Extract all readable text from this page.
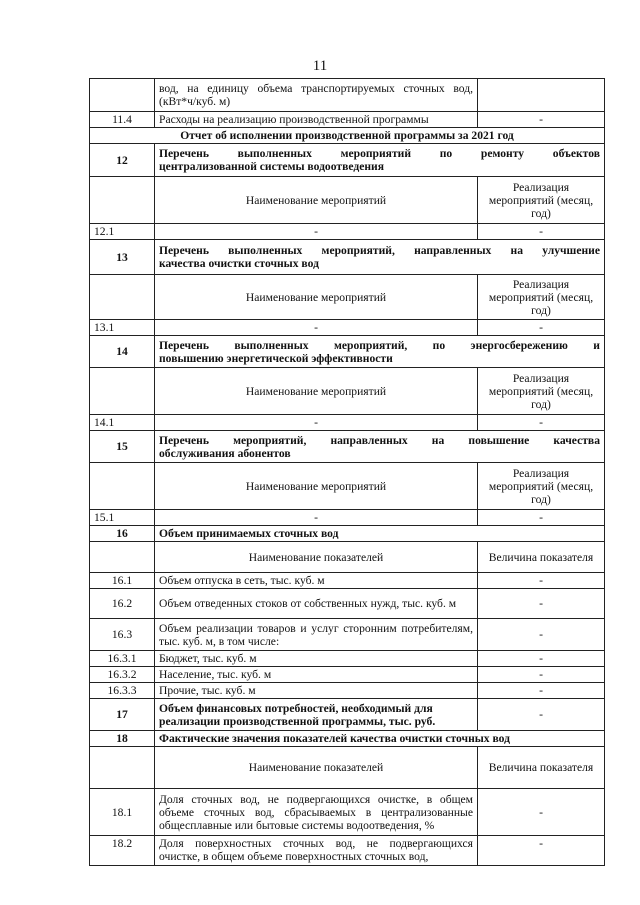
11
	вод, на единицу объема транспортируемых сточных вод, (кВт*ч/куб. м)	
11.4	Расходы на реализацию производственной программы	-
Отчет об исполнении производственной программы за 2021 год		
12	Перечень выполненных мероприятий по ремонту объектов
централизованной системы водоотведения	

	Наименование мероприятий	Реализация мероприятий (месяц, год)
12.1	-	-
13	Перечень выполненных мероприятий, направленных на улучшение
качества очистки сточных вод	

	Наименование мероприятий	Реализация мероприятий (месяц, год)
13.1	-	-
14	Перечень выполненных мероприятий, по энергосбережению и
повышению энергетической эффективности	

	Наименование мероприятий	Реализация мероприятий (месяц, год)
14.1	-	-
15	Перечень мероприятий, направленных на повышение качества
обслуживания абонентов	

	Наименование мероприятий	Реализация мероприятий (месяц, год)
15.1	-	-
16	Объем принимаемых сточных вод	
	Наименование показателей	Величина показателя
16.1	Объем отпуска в сеть, тыс. куб. м	-
16.2	Объем отведенных стоков от собственных нужд, тыс. куб. м	-
16.3	Объем реализации товаров и услуг сторонним потребителям, тыс. куб. м, в том числе:	-
16.3.1	Бюджет, тыс. куб. м	-
16.3.2	Население, тыс. куб. м	-
16.3.3	Прочие, тыс. куб. м	-
17	Объем финансовых потребностей, необходимый для реализации производственной программы, тыс. руб.	-
18	Фактические значения показателей качества очистки сточных вод	
	Наименование показателей	Величина показателя
18.1	Доля сточных вод, не подвергающихся очистке, в общем объеме сточных вод, сбрасываемых в централизованные общесплавные или бытовые системы водоотведения, %	-
18.2	Доля поверхностных сточных вод, не подвергающихся очистке, в общем объеме поверхностных сточных вод,	-
